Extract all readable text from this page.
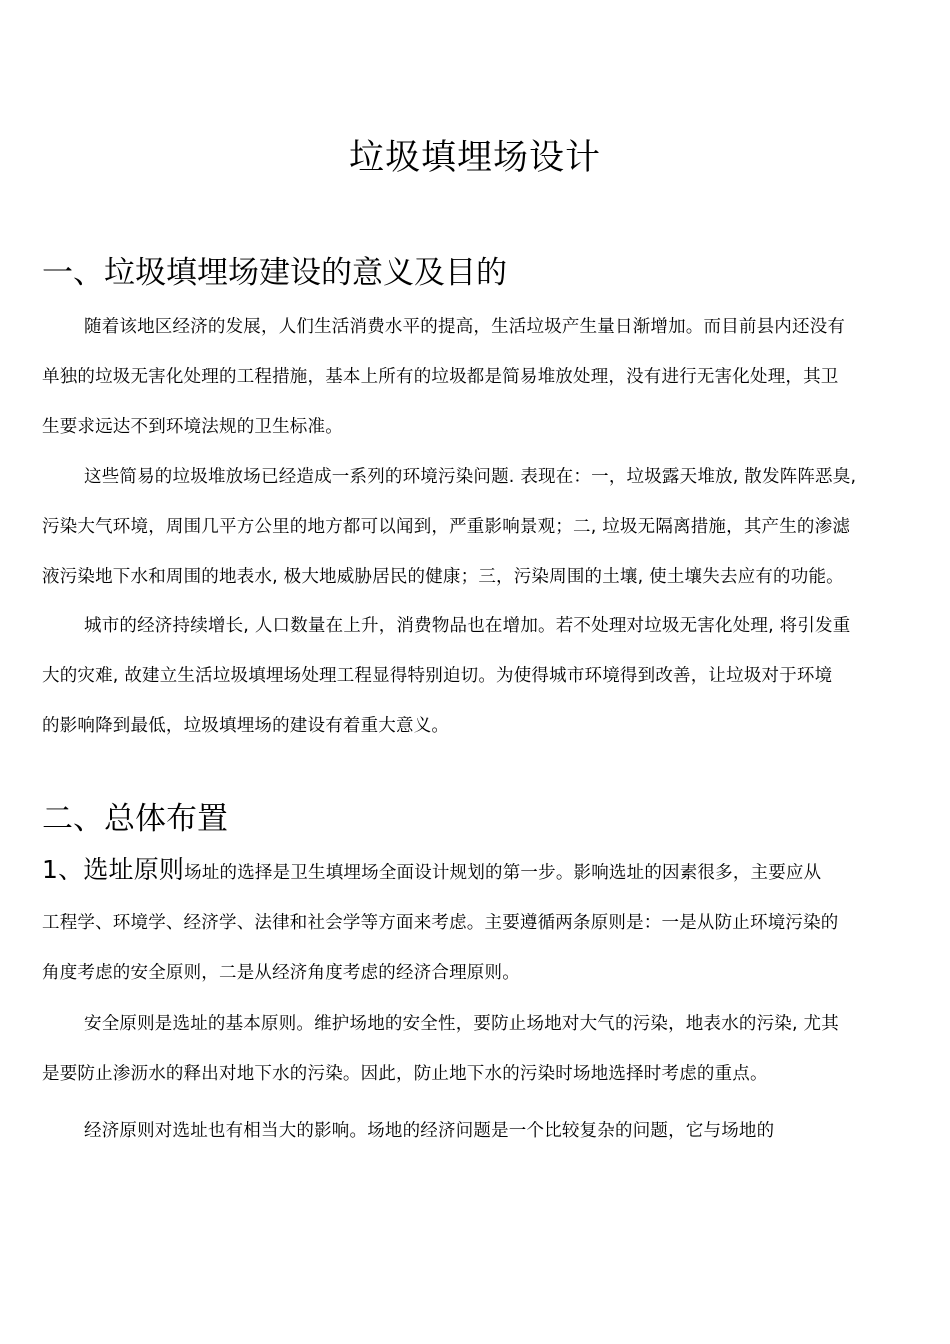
垃圾填埋场设计
一、垃圾填埋场建设的意义及目的
随着该地区经济的发展，人们生活消费水平的提高，生活垃圾产生量日渐增加。而目前县内还没有
单独的垃圾无害化处理的工程措施，基本上所有的垃圾都是简易堆放处理，没有进行无害化处理，其卫
生要求远达不到环境法规的卫生标准。
这些简易的垃圾堆放场已经造成一系列的环境污染问题. 表现在：一，垃圾露天堆放, 散发阵阵恶臭,
污染大气环境，周围几平方公里的地方都可以闻到，严重影响景观；二, 垃圾无隔离措施，其产生的渗滤
液污染地下水和周围的地表水, 极大地威胁居民的健康；三，污染周围的土壤, 使土壤失去应有的功能。
城市的经济持续增长, 人口数量在上升，消费物品也在增加。若不处理对垃圾无害化处理, 将引发重
大的灾难, 故建立生活垃圾填埋场处理工程显得特别迫切。为使得城市环境得到改善，让垃圾对于环境
的影响降到最低，垃圾填埋场的建设有着重大意义。
二、总体布置
1、选址原则场址的选择是卫生填埋场全面设计规划的第一步。影响选址的因素很多，主要应从
工程学、环境学、经济学、法律和社会学等方面来考虑。主要遵循两条原则是：一是从防止环境污染的
角度考虑的安全原则，二是从经济角度考虑的经济合理原则。
安全原则是选址的基本原则。维护场地的安全性，要防止场地对大气的污染，地表水的污染, 尤其
是要防止渗沥水的释出对地下水的污染。因此，防止地下水的污染时场地选择时考虑的重点。
经济原则对选址也有相当大的影响。场地的经济问题是一个比较复杂的问题，它与场地的
